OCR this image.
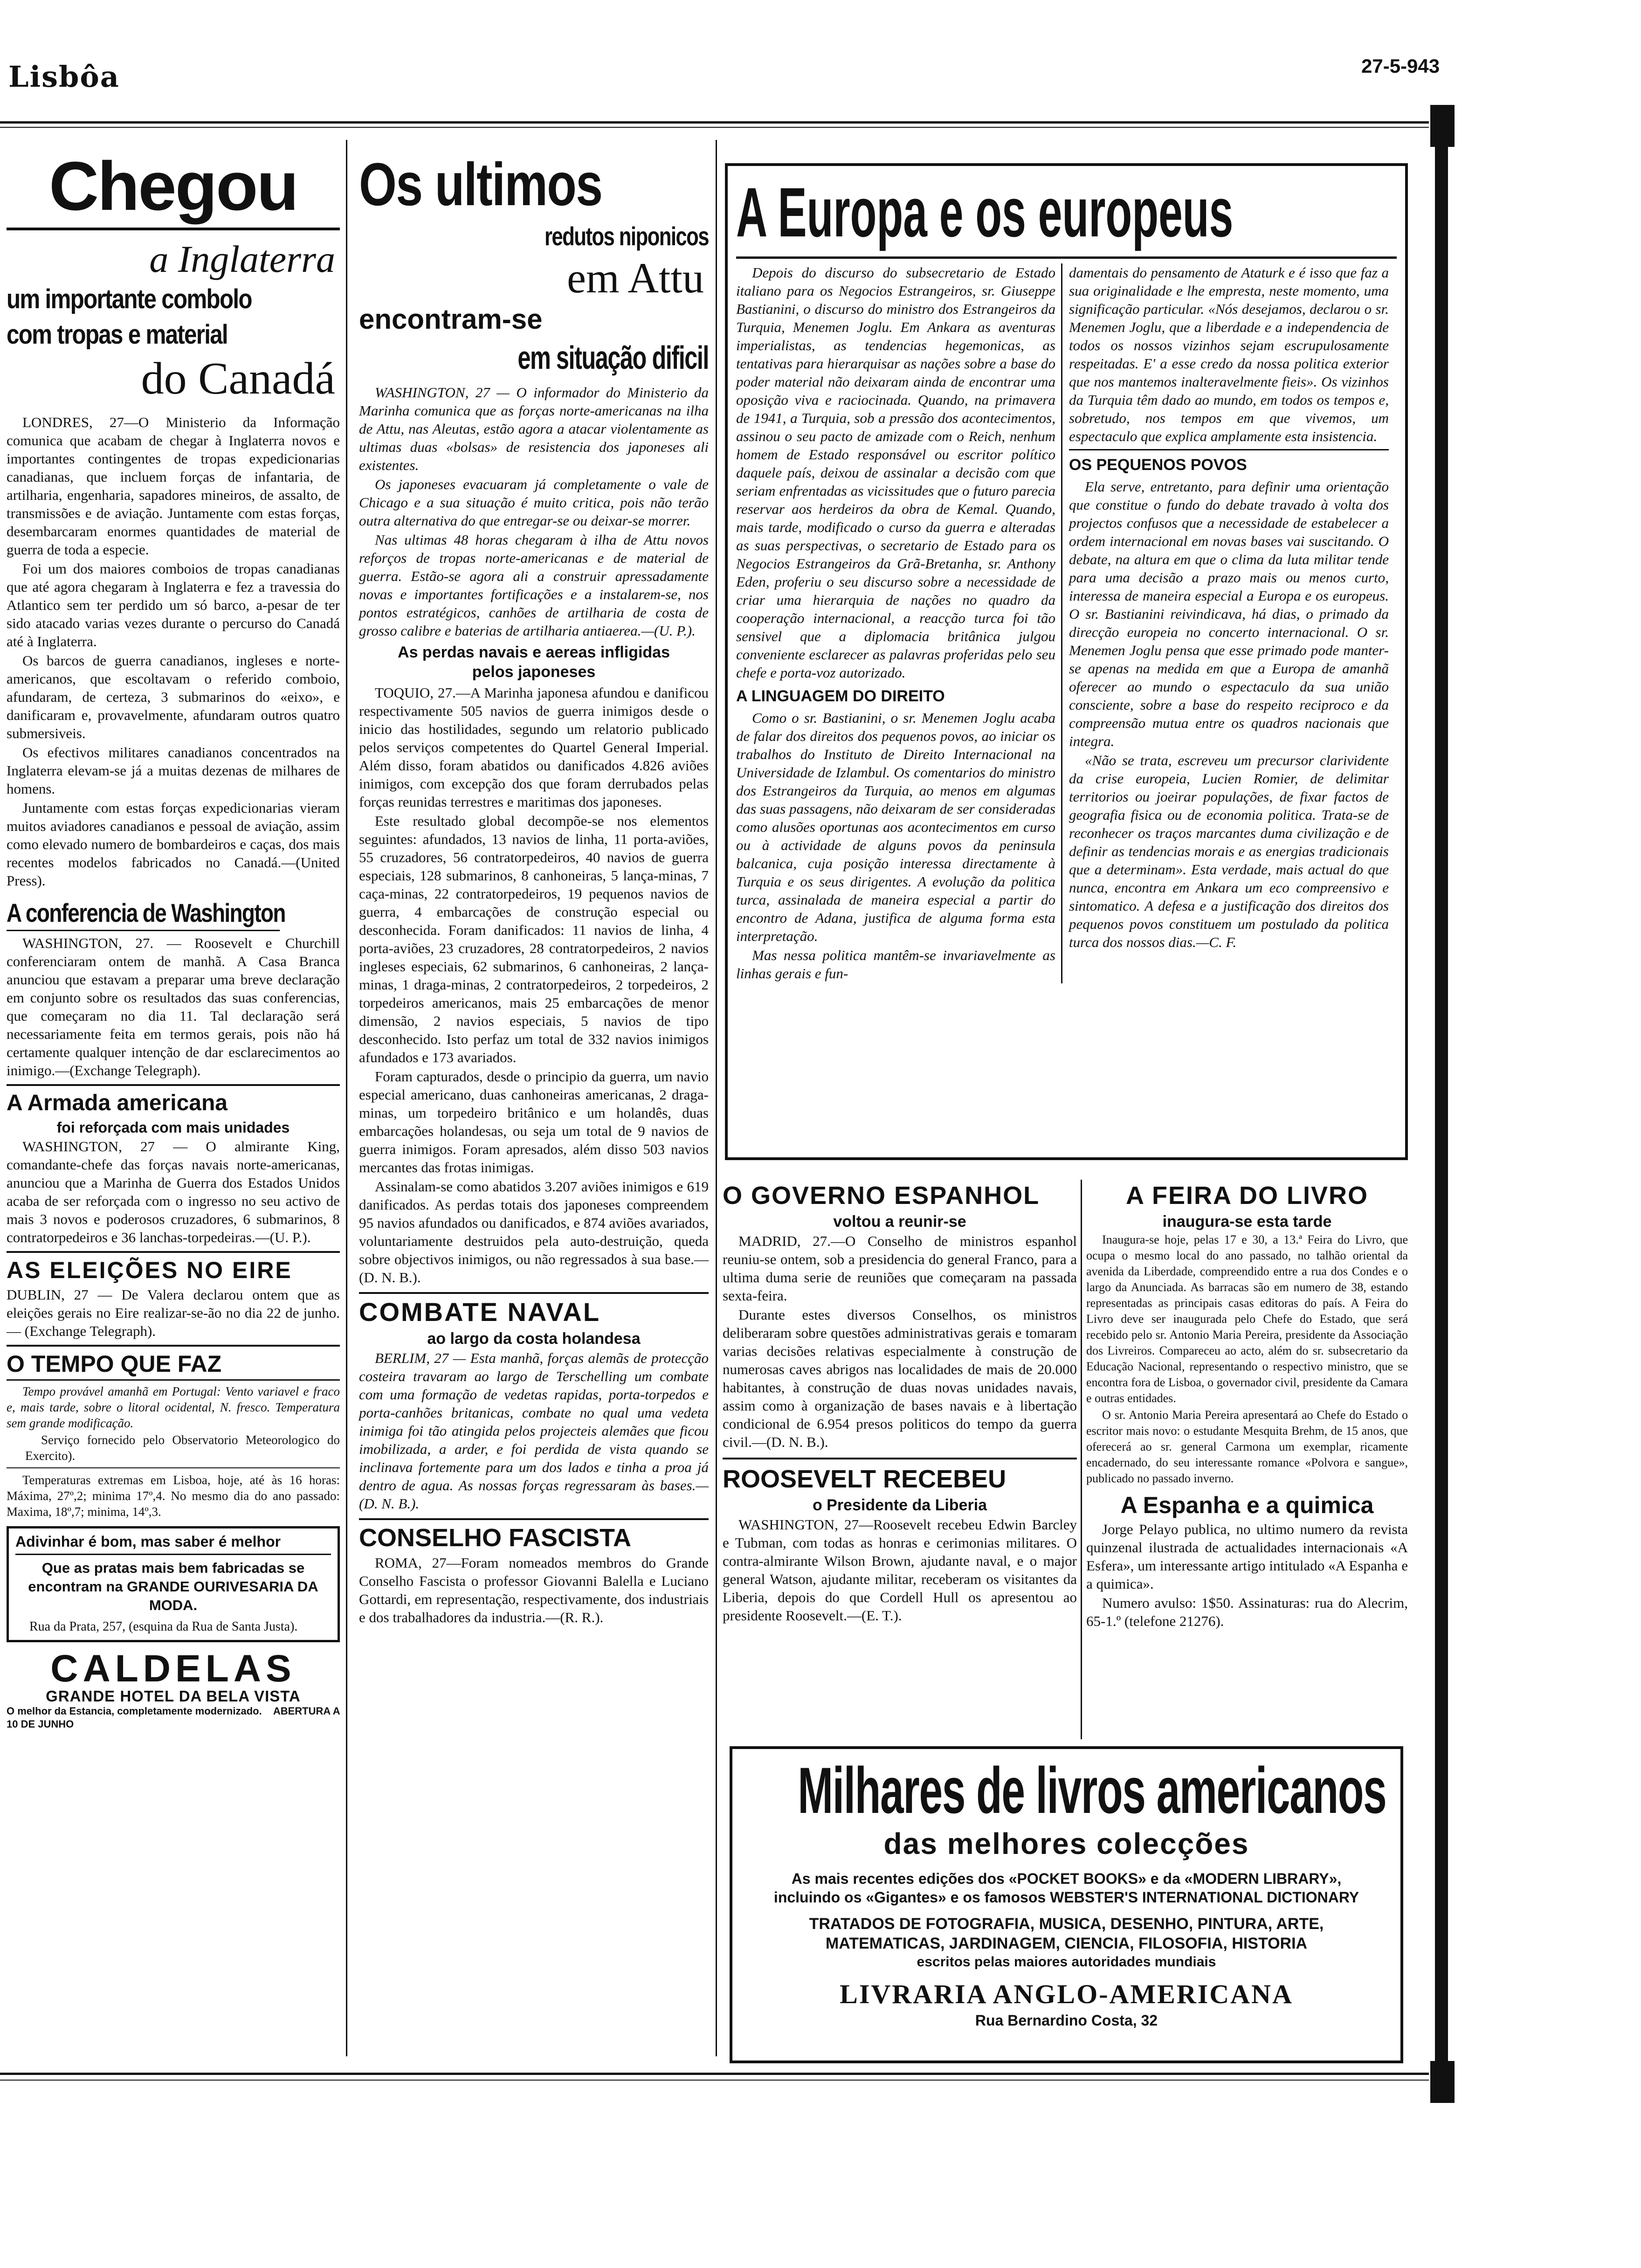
Lisbôa	27-5-943
Chegou
a Inglaterra
um importante combolo
com tropas e material
do Canadá

LONDRES, 27—O Ministerio da Informação comunica que acabam de chegar à Inglaterra novos e importantes contingentes de tropas expedicionarias canadianas, que incluem forças de infantaria, de artilharia, engenharia, sapadores mineiros, de assalto, de transmissões e de aviação. Juntamente com estas forças, desembarcaram enormes quantidades de material de guerra de toda a especie.

Foi um dos maiores comboios de tropas canadianas que até agora chegaram à Inglaterra e fez a travessia do Atlantico sem ter perdido um só barco, a-pesar de ter sido atacado varias vezes durante o percurso do Canadá até à Inglaterra.

Os barcos de guerra canadianos, ingleses e norte-americanos, que escoltavam o referido comboio, afundaram, de certeza, 3 submarinos do «eixo», e danificaram e, provavelmente, afundaram outros quatro submersiveis.

Os efectivos militares canadianos concentrados na Inglaterra elevam-se já a muitas dezenas de milhares de homens.

Juntamente com estas forças expedicionarias vieram muitos aviadores canadianos e pessoal de aviação, assim como elevado numero de bombardeiros e caças, dos mais recentes modelos fabricados no Canadá.—(United Press).

A conferencia de Washington

WASHINGTON, 27. — Roosevelt e Churchill conferenciaram ontem de manhã. A Casa Branca anunciou que estavam a preparar uma breve declaração em conjunto sobre os resultados das suas conferencias, que começaram no dia 11. Tal declaração será necessariamente feita em termos gerais, pois não há certamente qualquer intenção de dar esclarecimentos ao inimigo.—(Exchange Telegraph).

A Armada americana
foi reforçada com mais unidades

WASHINGTON, 27 — O almirante King, comandante-chefe das forças navais norte-americanas, anunciou que a Marinha de Guerra dos Estados Unidos acaba de ser reforçada com o ingresso no seu activo de mais 3 novos e poderosos cruzadores, 6 submarinos, 8 contratorpedeiros e 36 lanchas-torpedeiras.—(U. P.).

AS ELEIÇÕES NO EIRE

DUBLIN, 27 — De Valera declarou ontem que as eleições gerais no Eire realizar-se-ão no dia 22 de junho. — (Exchange Telegraph).

O TEMPO QUE FAZ

Tempo provável amanhã em Portugal: Vento variavel e fraco e, mais tarde, sobre o litoral ocidental, N. fresco. Temperatura sem grande modificação.

Serviço fornecido pelo Observatorio Meteorologico do Exercito).

Temperaturas extremas em Lisboa, hoje, até às 16 horas: Máxima, 27º,2; minima 17º,4. No mesmo dia do ano passado: Maxima, 18º,7; minima, 14º,3.

Adivinhar é bom, mas saber é melhor
Que as pratas mais bem fabricadas se encontram na GRANDE OURIVESARIA DA MODA.
Rua da Prata, 257, (esquina da Rua de Santa Justa).
CALDELAS
GRANDE HOTEL DA BELA VISTA
O melhor da Estancia, completamente modernizado. ABERTURA A 10 DE JUNHO
Os ultimos
redutos niponicos
em Attu
encontram-se
em situação dificil

WASHINGTON, 27 — O informador do Ministerio da Marinha comunica que as forças norte-americanas na ilha de Attu, nas Aleutas, estão agora a atacar violentamente as ultimas duas «bolsas» de resistencia dos japoneses ali existentes.

Os japoneses evacuaram já completamente o vale de Chicago e a sua situação é muito critica, pois não terão outra alternativa do que entregar-se ou deixar-se morrer.

Nas ultimas 48 horas chegaram à ilha de Attu novos reforços de tropas norte-americanas e de material de guerra. Estão-se agora ali a construir apressadamente novas e importantes fortificações e a instalarem-se, nos pontos estratégicos, canhões de artilharia de costa de grosso calibre e baterias de artilharia antiaerea.—(U. P.).

As perdas navais e aereas infligidas pelos japoneses

TOQUIO, 27.—A Marinha japonesa afundou e danificou respectivamente 505 navios de guerra inimigos desde o inicio das hostilidades, segundo um relatorio publicado pelos serviços competentes do Quartel General Imperial. Além disso, foram abatidos ou danificados 4.826 aviões inimigos, com excepção dos que foram derrubados pelas forças reunidas terrestres e maritimas dos japoneses.

Este resultado global decompõe-se nos elementos seguintes: afundados, 13 navios de linha, 11 porta-aviões, 55 cruzadores, 56 contratorpedeiros, 40 navios de guerra especiais, 128 submarinos, 8 canhoneiras, 5 lança-minas, 7 caça-minas, 22 contratorpedeiros, 19 pequenos navios de guerra, 4 embarcações de construção especial ou desconhecida. Foram danificados: 11 navios de linha, 4 porta-aviões, 23 cruzadores, 28 contratorpedeiros, 2 navios ingleses especiais, 62 submarinos, 6 canhoneiras, 2 lança-minas, 1 draga-minas, 2 contratorpedeiros, 2 torpedeiros, 2 torpedeiros americanos, mais 25 embarcações de menor dimensão, 2 navios especiais, 5 navios de tipo desconhecido. Isto perfaz um total de 332 navios inimigos afundados e 173 avariados.

Foram capturados, desde o principio da guerra, um navio especial americano, duas canhoneiras americanas, 2 draga-minas, um torpedeiro britânico e um holandês, duas embarcações holandesas, ou seja um total de 9 navios de guerra inimigos. Foram apresados, além disso 503 navios mercantes das frotas inimigas.

Assinalam-se como abatidos 3.207 aviões inimigos e 619 danificados. As perdas totais dos japoneses compreendem 95 navios afundados ou danificados, e 874 aviões avariados, voluntariamente destruidos pela auto-destruição, queda sobre objectivos inimigos, ou não regressados à sua base.—(D. N. B.).

COMBATE NAVAL
ao largo da costa holandesa

BERLIM, 27 — Esta manhã, forças alemãs de protecção costeira travaram ao largo de Terschelling um combate com uma formação de vedetas rapidas, porta-torpedos e porta-canhões britanicas, combate no qual uma vedeta inimiga foi tão atingida pelos projecteis alemães que ficou imobilizada, a arder, e foi perdida de vista quando se inclinava fortemente para um dos lados e tinha a proa já dentro de agua. As nossas forças regressaram às bases.—(D. N. B.).

CONSELHO FASCISTA

ROMA, 27—Foram nomeados membros do Grande Conselho Fascista o professor Giovanni Balella e Luciano Gottardi, em representação, respectivamente, dos industriais e dos trabalhadores da industria.—(R. R.).

A Europa e os europeus

Depois do discurso do subsecretario de Estado italiano para os Negocios Estrangeiros, sr. Giuseppe Bastianini, o discurso do ministro dos Estrangeiros da Turquia, Menemen Joglu. Em Ankara as aventuras imperialistas, as tendencias hegemonicas, as tentativas para hierarquisar as nações sobre a base do poder material não deixaram ainda de encontrar uma oposição viva e raciocinada. Quando, na primavera de 1941, a Turquia, sob a pressão dos acontecimentos, assinou o seu pacto de amizade com o Reich, nenhum homem de Estado responsável ou escritor político daquele país, deixou de assinalar a decisão com que seriam enfrentadas as vicissitudes que o futuro parecia reservar aos herdeiros da obra de Kemal. Quando, mais tarde, modificado o curso da guerra e alteradas as suas perspectivas, o secretario de Estado para os Negocios Estrangeiros da Grã-Bretanha, sr. Anthony Eden, proferiu o seu discurso sobre a necessidade de criar uma hierarquia de nações no quadro da cooperação internacional, a reacção turca foi tão sensivel que a diplomacia britânica julgou conveniente esclarecer as palavras proferidas pelo seu chefe e porta-voz autorizado.

A LINGUAGEM DO DIREITO

Como o sr. Bastianini, o sr. Menemen Joglu acaba de falar dos direitos dos pequenos povos, ao iniciar os trabalhos do Instituto de Direito Internacional na Universidade de Izlambul. Os comentarios do ministro dos Estrangeiros da Turquia, ao menos em algumas das suas passagens, não deixaram de ser consideradas como alusões oportunas aos acontecimentos em curso ou à actividade de alguns povos da peninsula balcanica, cuja posição interessa directamente à Turquia e os seus dirigentes. A evolução da politica turca, assinalada de maneira especial a partir do encontro de Adana, justifica de alguma forma esta interpretação.

Mas nessa politica mantêm-se invariavelmente as linhas gerais e fun-

damentais do pensamento de Ataturk e é isso que faz a sua originalidade e lhe empresta, neste momento, uma significação particular. «Nós desejamos, declarou o sr. Menemen Joglu, que a liberdade e a independencia de todos os nossos vizinhos sejam escrupulosamente respeitadas. E' a esse credo da nossa politica exterior que nos mantemos inalteravelmente fieis». Os vizinhos da Turquia têm dado ao mundo, em todos os tempos e, sobretudo, nos tempos em que vivemos, um espectaculo que explica amplamente esta insistencia.

OS PEQUENOS POVOS

Ela serve, entretanto, para definir uma orientação que constitue o fundo do debate travado à volta dos projectos confusos que a necessidade de estabelecer a ordem internacional em novas bases vai suscitando. O debate, na altura em que o clima da luta militar tende para uma decisão a prazo mais ou menos curto, interessa de maneira especial a Europa e os europeus. O sr. Bastianini reivindicava, há dias, o primado da direcção europeia no concerto internacional. O sr. Menemen Joglu pensa que esse primado pode manter-se apenas na medida em que a Europa de amanhã oferecer ao mundo o espectaculo da sua união consciente, sobre a base do respeito reciproco e da compreensão mutua entre os quadros nacionais que integra.

«Não se trata, escreveu um precursor clarividente da crise europeia, Lucien Romier, de delimitar territorios ou joeirar populações, de fixar factos de geografia fisica ou de economia politica. Trata-se de reconhecer os traços marcantes duma civilização e de definir as tendencias morais e as energias tradicionais que a determinam». Esta verdade, mais actual do que nunca, encontra em Ankara um eco compreensivo e sintomatico. A defesa e a justificação dos direitos dos pequenos povos constituem um postulado da politica turca dos nossos dias.—C. F.

O GOVERNO ESPANHOL
voltou a reunir-se

MADRID, 27.—O Conselho de ministros espanhol reuniu-se ontem, sob a presidencia do general Franco, para a ultima duma serie de reuniões que começaram na passada sexta-feira.

Durante estes diversos Conselhos, os ministros deliberaram sobre questões administrativas gerais e tomaram varias decisões relativas especialmente à construção de numerosas caves abrigos nas localidades de mais de 20.000 habitantes, à construção de duas novas unidades navais, assim como à organização de bases navais e à libertação condicional de 6.954 presos politicos do tempo da guerra civil.—(D. N. B.).

ROOSEVELT RECEBEU
o Presidente da Liberia

WASHINGTON, 27—Roosevelt recebeu Edwin Barcley e Tubman, com todas as honras e cerimonias militares. O contra-almirante Wilson Brown, ajudante naval, e o major general Watson, ajudante militar, receberam os visitantes da Liberia, depois do que Cordell Hull os apresentou ao presidente Roosevelt.—(E. T.).

A FEIRA DO LIVRO
inaugura-se esta tarde

Inaugura-se hoje, pelas 17 e 30, a 13.ª Feira do Livro, que ocupa o mesmo local do ano passado, no talhão oriental da avenida da Liberdade, compreendido entre a rua dos Condes e o largo da Anunciada. As barracas são em numero de 38, estando representadas as principais casas editoras do país. A Feira do Livro deve ser inaugurada pelo Chefe do Estado, que será recebido pelo sr. Antonio Maria Pereira, presidente da Associação dos Livreiros. Compareceu ao acto, além do sr. subsecretario da Educação Nacional, representando o respectivo ministro, que se encontra fora de Lisboa, o governador civil, presidente da Camara e outras entidades.

O sr. Antonio Maria Pereira apresentará ao Chefe do Estado o escritor mais novo: o estudante Mesquita Brehm, de 15 anos, que oferecerá ao sr. general Carmona um exemplar, ricamente encadernado, do seu interessante romance «Polvora e sangue», publicado no passado inverno.

A Espanha e a quimica

Jorge Pelayo publica, no ultimo numero da revista quinzenal ilustrada de actualidades internacionais «A Esfera», um interessante artigo intitulado «A Espanha e a quimica».

Numero avulso: 1$50. Assinaturas: rua do Alecrim, 65-1.º (telefone 21276).

Milhares de livros americanos
das melhores colecções
As mais recentes edições dos «POCKET BOOKS» e da «MODERN LIBRARY», incluindo os «Gigantes» e os famosos WEBSTER'S INTERNATIONAL DICTIONARY
TRATADOS DE FOTOGRAFIA, MUSICA, DESENHO, PINTURA, ARTE, MATEMATICAS, JARDINAGEM, CIENCIA, FILOSOFIA, HISTORIA
escritos pelas maiores autoridades mundiais
LIVRARIA ANGLO-AMERICANA
Rua Bernardino Costa, 32
